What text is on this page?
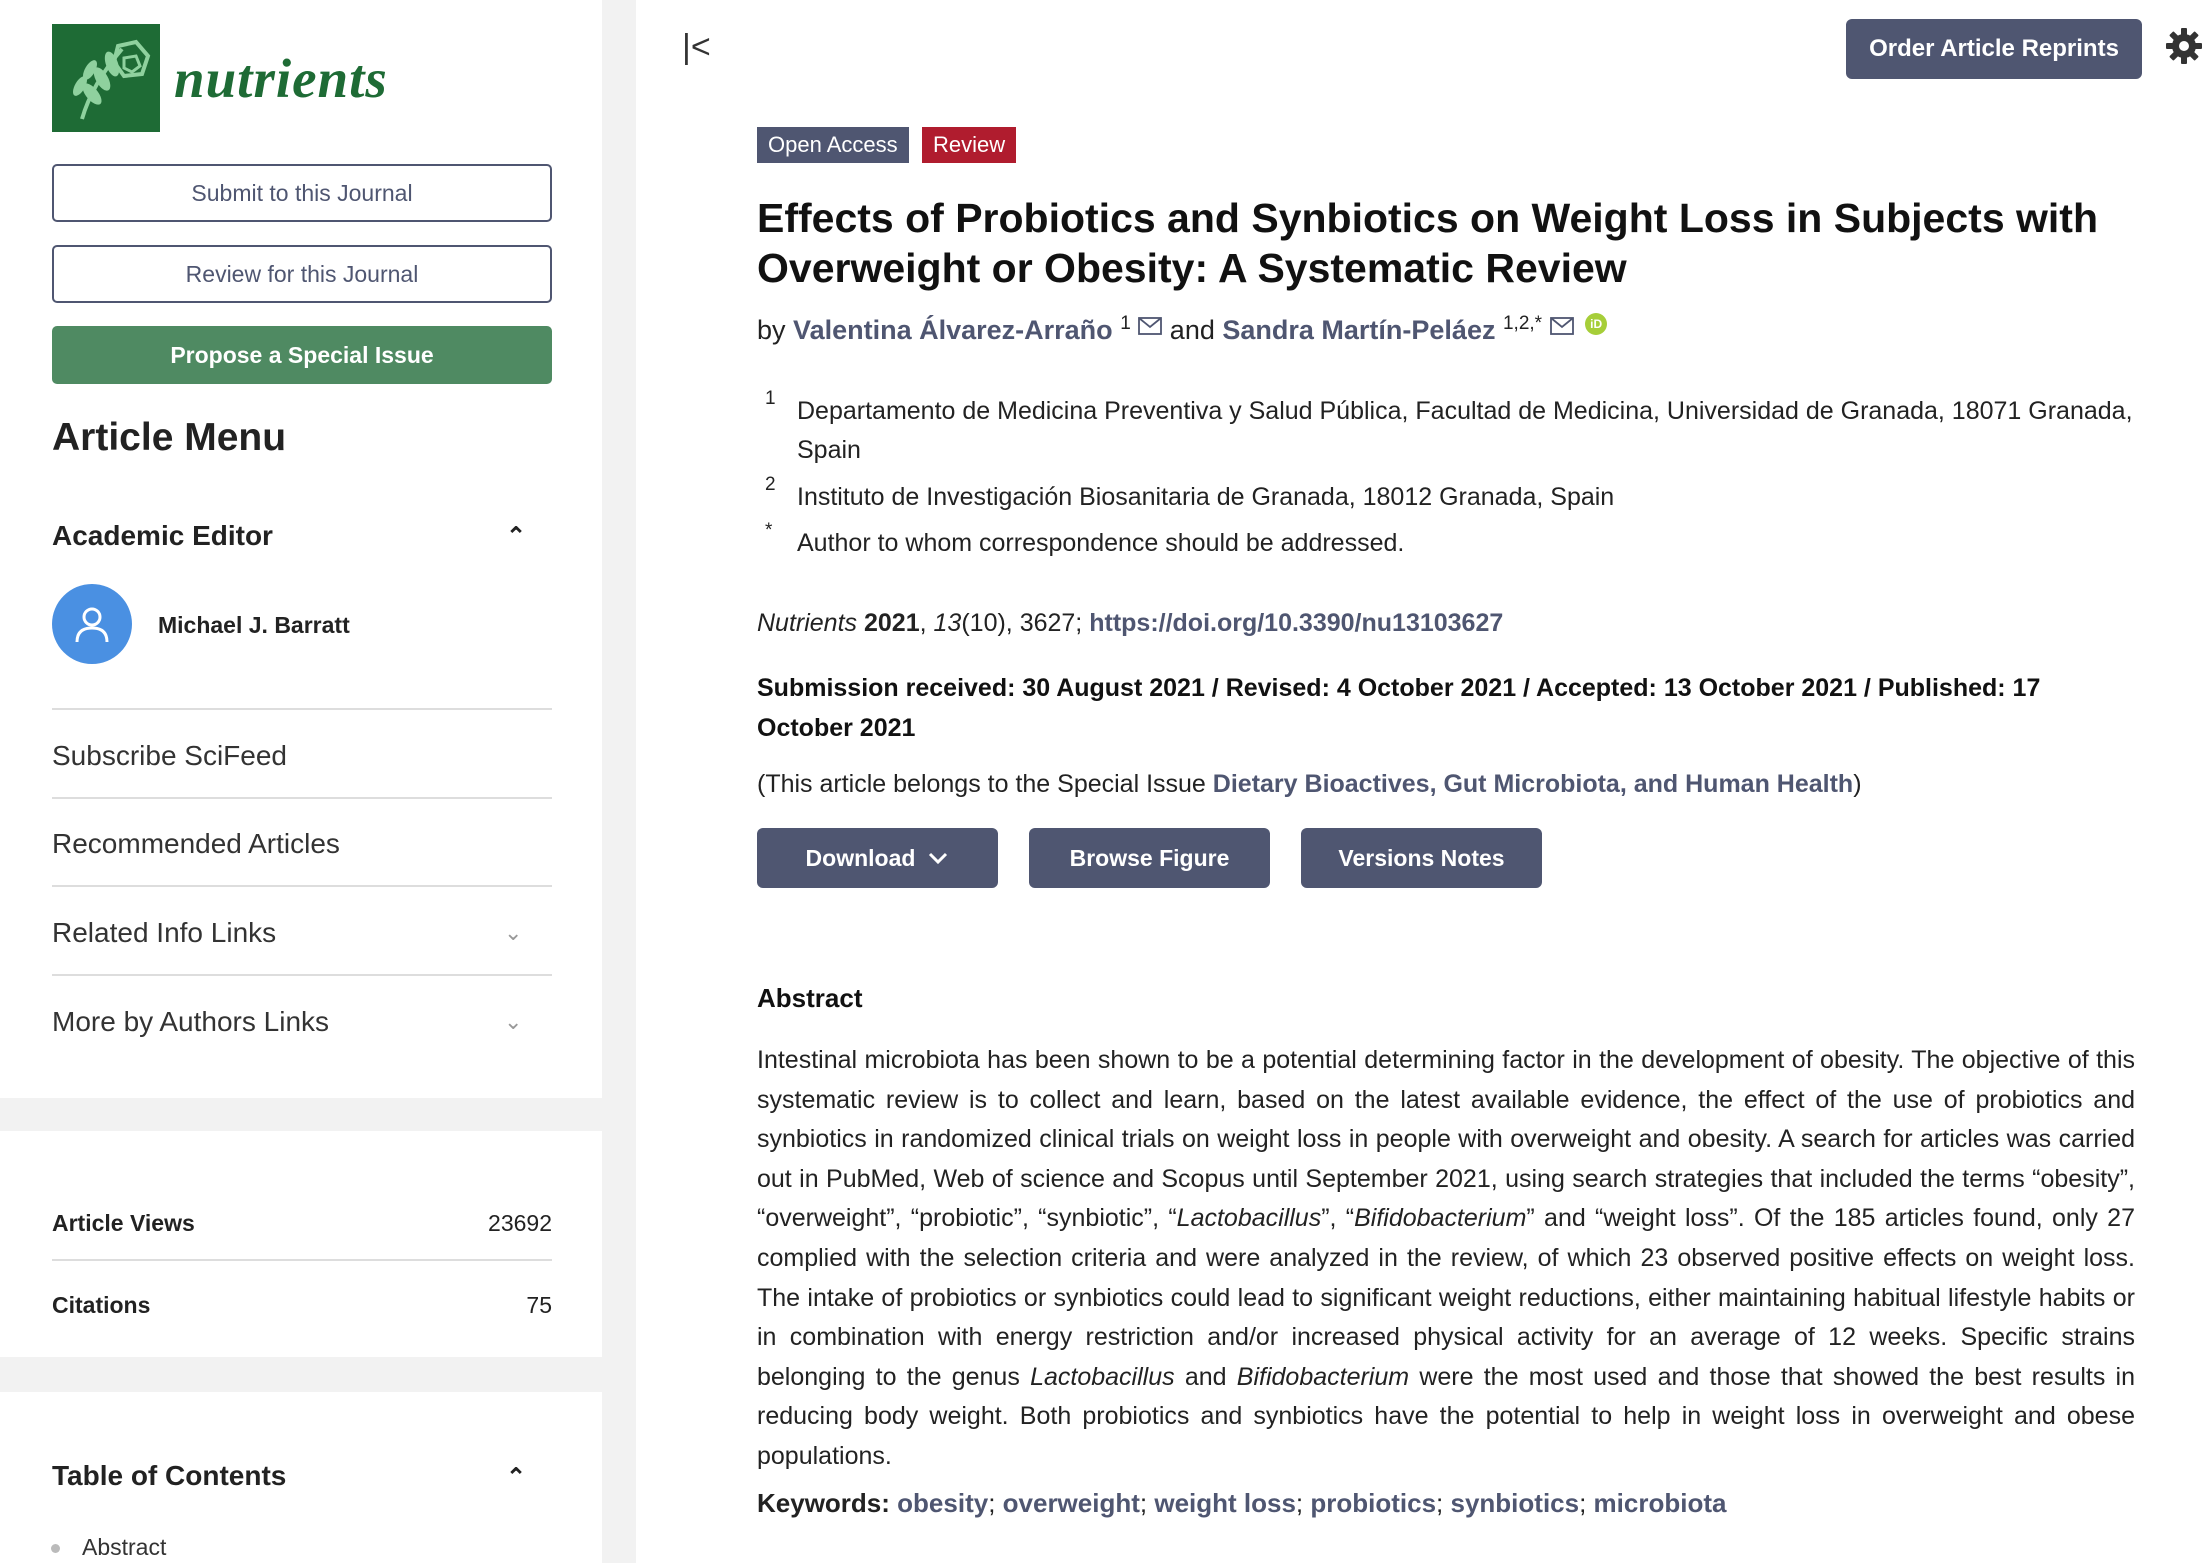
nutrients
Submit to this Journal
Review for this Journal
Propose a Special Issue
Article Menu
Academic Editor	⌃
Michael J. Barratt
Subscribe SciFeed
Recommended Articles
Related Info Links	⌄
More by Authors Links	⌄
Article Views	23692
Citations	75
Table of Contents	⌃
Abstract
|<	Order Article Reprints
Open Access	Review
Effects of Probiotics and Synbiotics on Weight Loss in Subjects with Overweight or Obesity: A Systematic Review
by Valentina Álvarez-Arraño $^1$ and Sandra Martín-Peláez $^{1,2,*}$	iD
1 Departamento de Medicina Preventiva y Salud Pública, Facultad de Medicina, Universidad de Granada, 18071 Granada, Spain
2 Instituto de Investigación Biosanitaria de Granada, 18012 Granada, Spain
* Author to whom correspondence should be addressed.
Nutrients 2021, 13(10), 3627; https://doi.org/10.3390/nu13103627
Submission received: 30 August 2021 / Revised: 4 October 2021 / Accepted: 13 October 2021 / Published: 17 October 2021
(This article belongs to the Special Issue Dietary Bioactives, Gut Microbiota, and Human Health)
Download	Browse Figure	Versions Notes
Abstract
Intestinal microbiota has been shown to be a potential determining factor in the development of obesity. The objective of this systematic review is to collect and learn, based on the latest available evidence, the effect of the use of probiotics and synbiotics in randomized clinical trials on weight loss in people with overweight and obesity. A search for articles was carried out in PubMed, Web of science and Scopus until September 2021, using search strategies that included the terms “obesity”, “overweight”, “probiotic”, “synbiotic”, “Lactobacillus”, “Bifidobacterium” and “weight loss”. Of the 185 articles found, only 27 complied with the selection criteria and were analyzed in the review, of which 23 observed positive effects on weight loss. The intake of probiotics or synbiotics could lead to significant weight reductions, either maintaining habitual lifestyle habits or in combination with energy restriction and/or increased physical activity for an average of 12 weeks. Specific strains belonging to the genus Lactobacillus and Bifidobacterium were the most used and those that showed the best results in reducing body weight. Both probiotics and synbiotics have the potential to help in weight loss in overweight and obese populations.
Keywords: obesity; overweight; weight loss; probiotics; synbiotics; microbiota
